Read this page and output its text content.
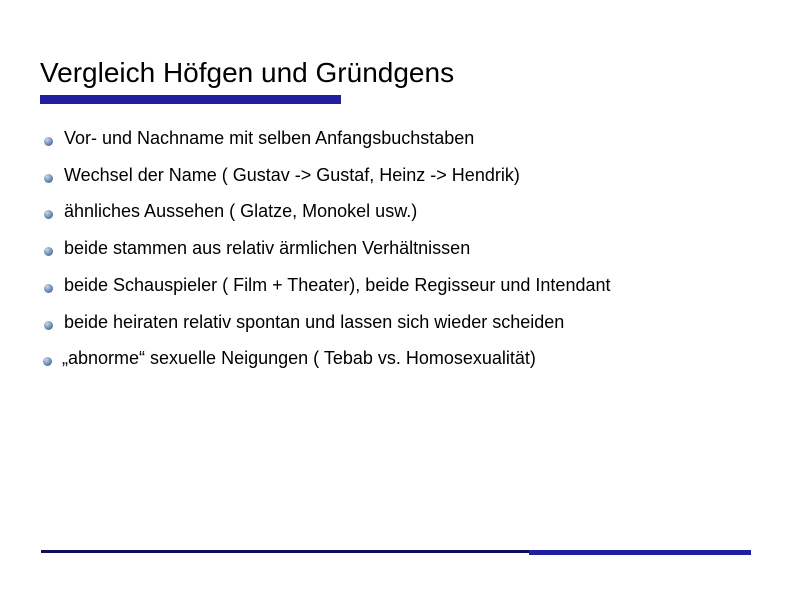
Vergleich Höfgen und Gründgens
Vor- und Nachname mit selben Anfangsbuchstaben
Wechsel der Name ( Gustav -> Gustaf, Heinz -> Hendrik)
ähnliches Aussehen ( Glatze, Monokel usw.)
beide stammen aus relativ ärmlichen Verhältnissen
beide Schauspieler ( Film + Theater), beide Regisseur und Intendant
beide heiraten relativ spontan und lassen sich wieder scheiden
„abnorme“ sexuelle Neigungen ( Tebab vs. Homosexualität)
